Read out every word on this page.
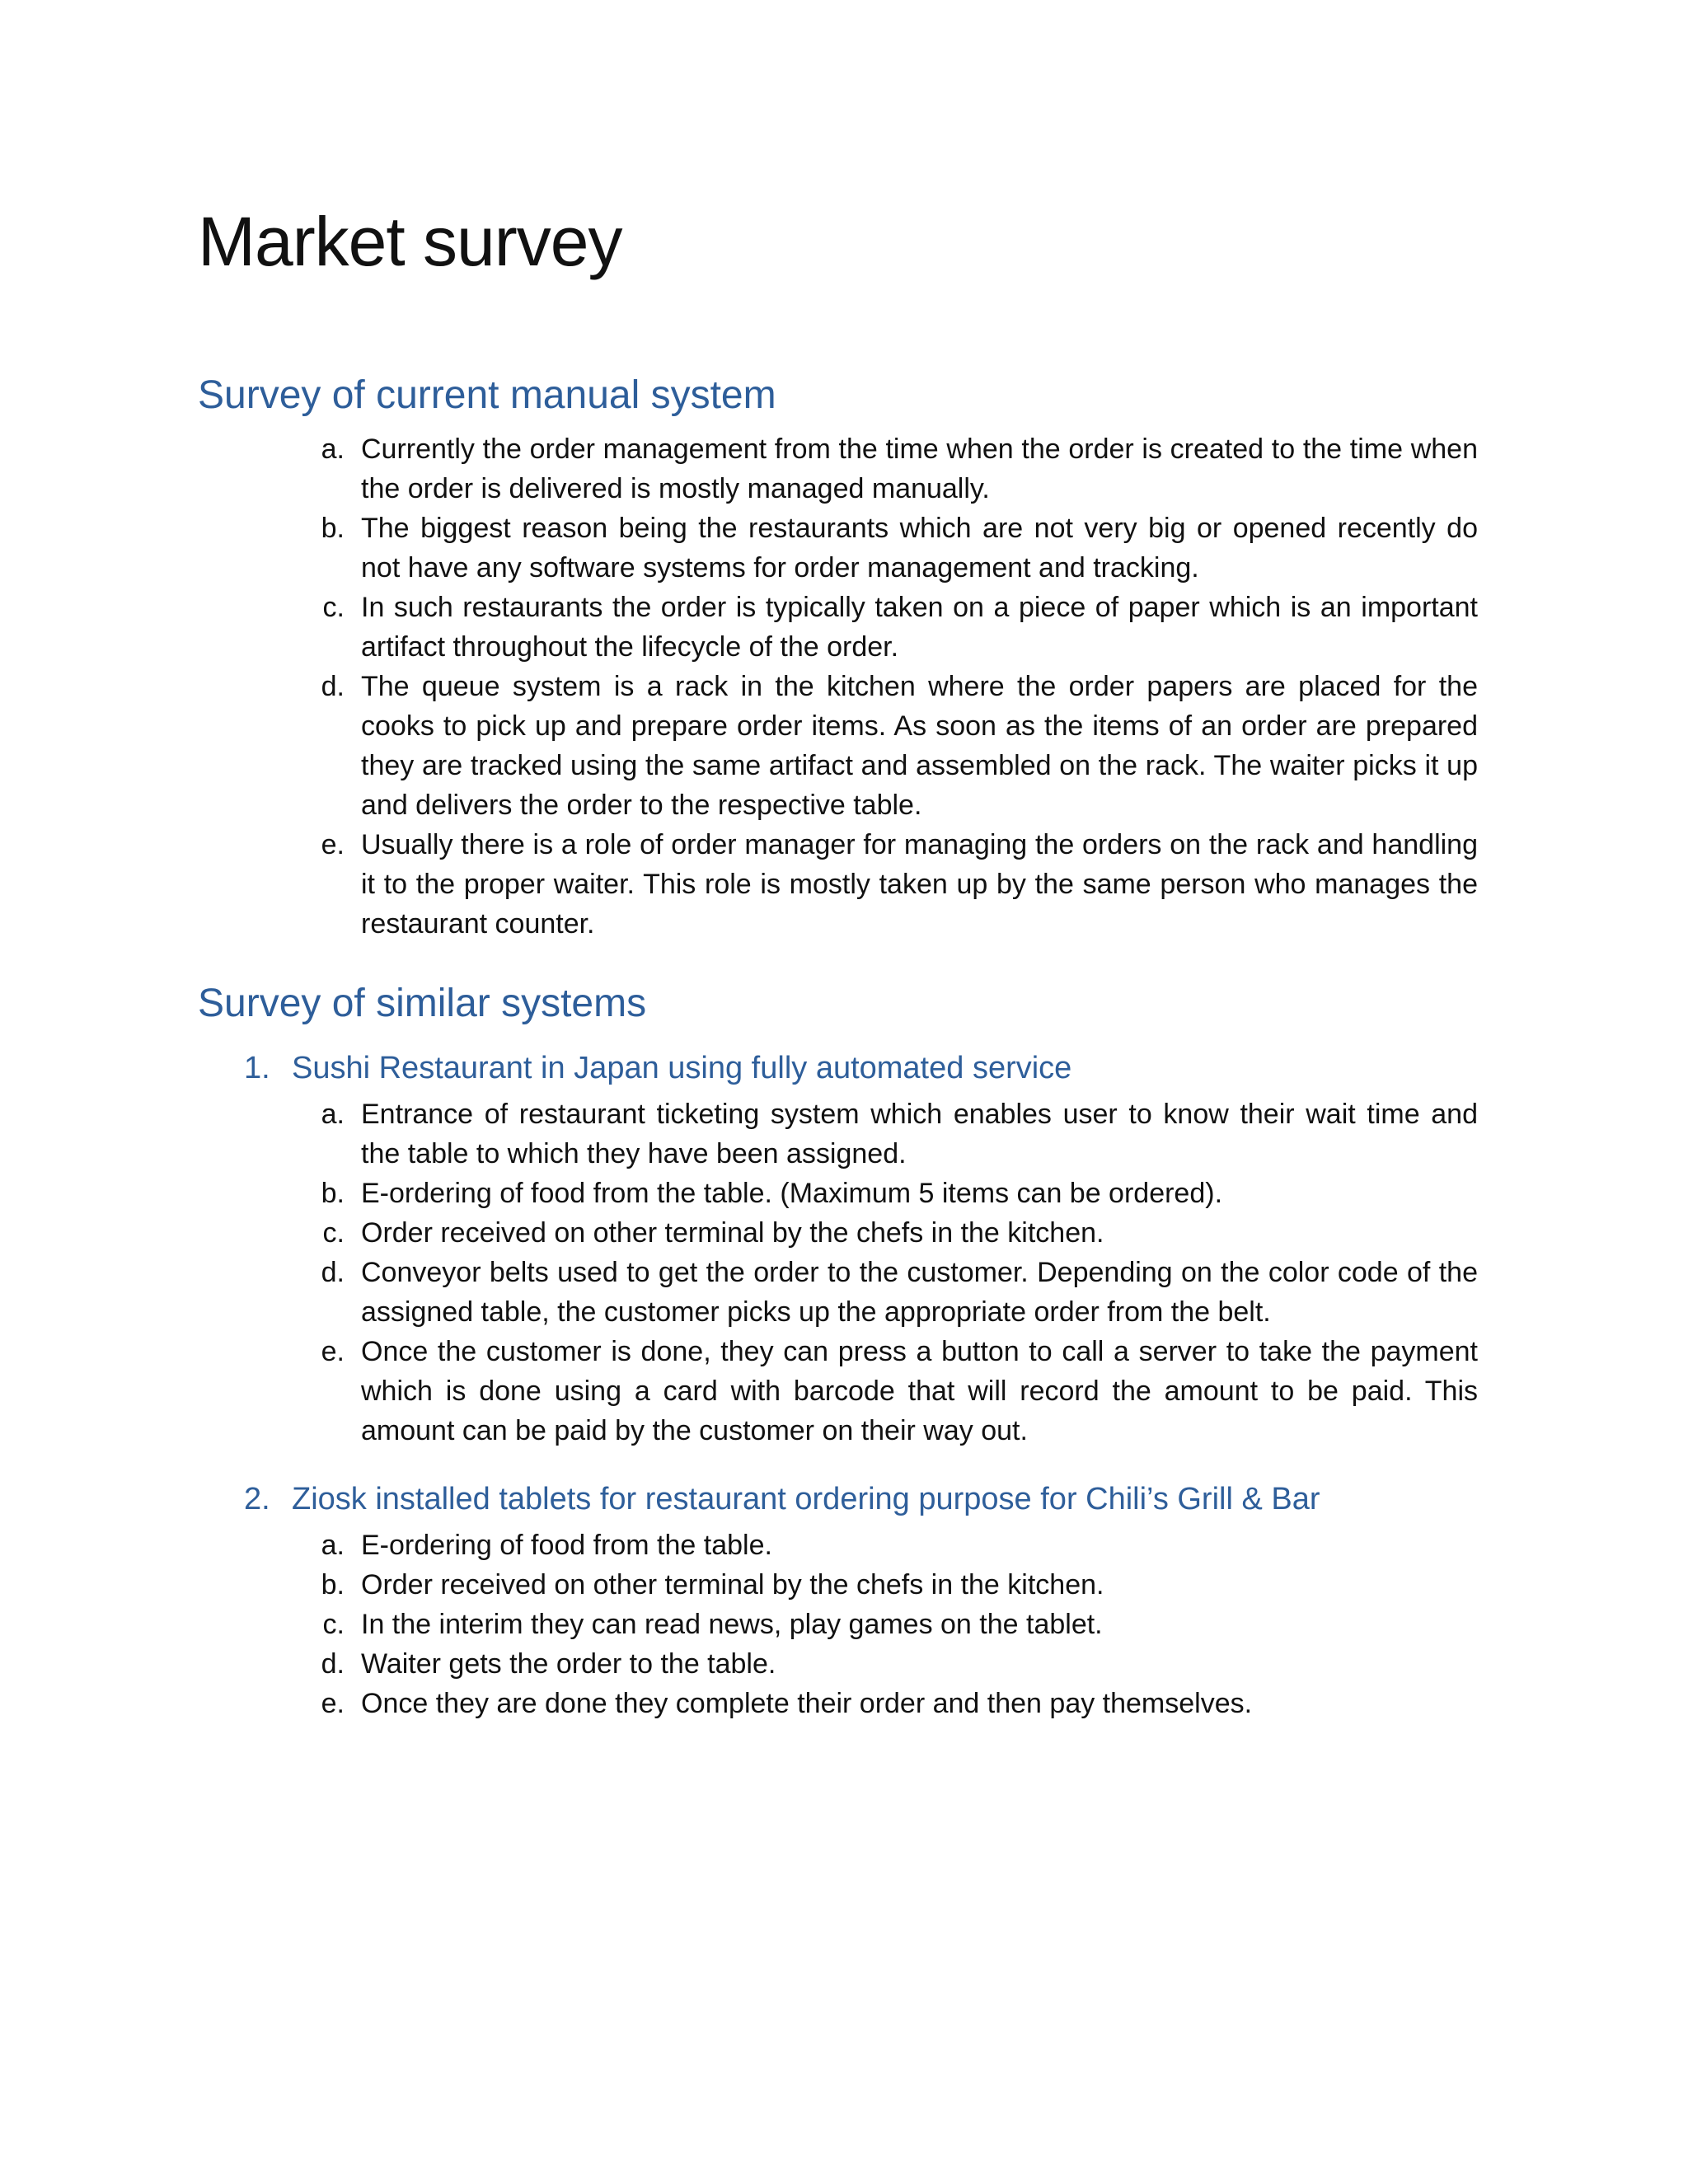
Market survey
Survey of current manual system
a. Currently the order management from the time when the order is created to the time when the order is delivered is mostly managed manually.
b. The biggest reason being the restaurants which are not very big or opened recently do not have any software systems for order management and tracking.
c. In such restaurants the order is typically taken on a piece of paper which is an important artifact throughout the lifecycle of the order.
d. The queue system is a rack in the kitchen where the order papers are placed for the cooks to pick up and prepare order items. As soon as the items of an order are prepared they are tracked using the same artifact and assembled on the rack. The waiter picks it up and delivers the order to the respective table.
e. Usually there is a role of order manager for managing the orders on the rack and handling it to the proper waiter. This role is mostly taken up by the same person who manages the restaurant counter.
Survey of similar systems
1. Sushi Restaurant in Japan using fully automated service
a. Entrance of restaurant ticketing system which enables user to know their wait time and the table to which they have been assigned.
b. E-ordering of food from the table. (Maximum 5 items can be ordered).
c. Order received on other terminal by the chefs in the kitchen.
d. Conveyor belts used to get the order to the customer. Depending on the color code of the assigned table, the customer picks up the appropriate order from the belt.
e. Once the customer is done, they can press a button to call a server to take the payment which is done using a card with barcode that will record the amount to be paid. This amount can be paid by the customer on their way out.
2. Ziosk installed tablets for restaurant ordering purpose for Chili’s Grill & Bar
a. E-ordering of food from the table.
b. Order received on other terminal by the chefs in the kitchen.
c. In the interim they can read news, play games on the tablet.
d. Waiter gets the order to the table.
e. Once they are done they complete their order and then pay themselves.
